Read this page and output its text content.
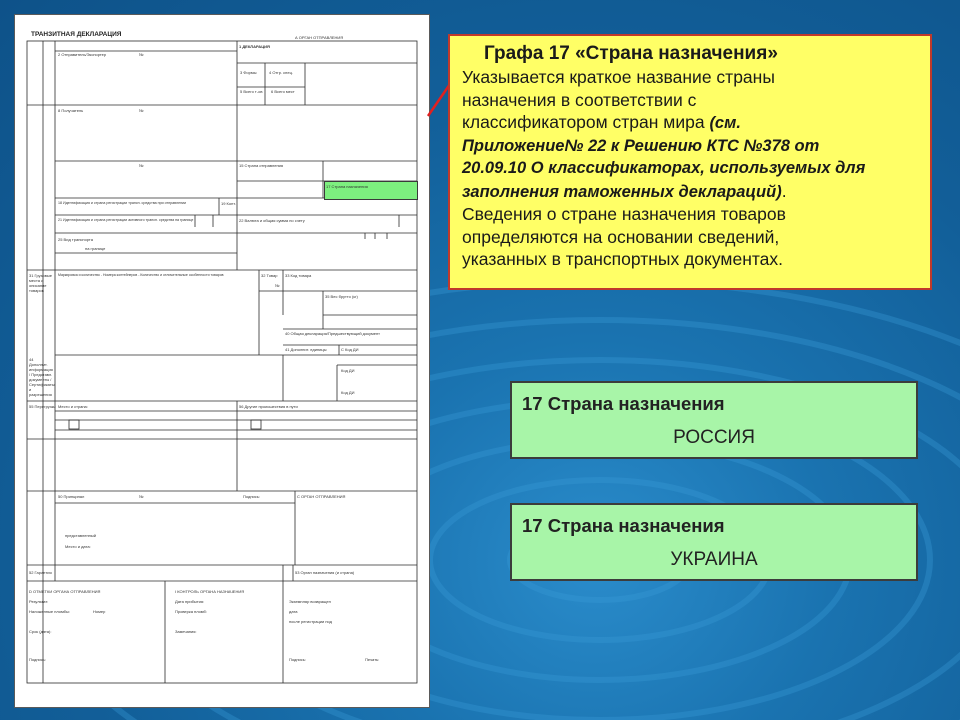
ТРАНЗИТНАЯ ДЕКЛАРАЦИЯ	А ОРГАН ОТПРАВЛЕНИЯ
1 ДЕКЛАРАЦИЯ
2 Отправитель/Экспортер	№
3 Формы	4 Отгр. спец.
5 Всего т-ов 6 Всего мест
8 Получатель	№
№	15 Страна отправления
17 Страна назначения
18 Идентификация и страна регистрации трансп. средства при отправлении	19 Конт.
21 Идентификация и страна регистрации активного трансп. средства на границе	22 Валюта и общая сумма по счету
25 Вид транспорта
на границе
31 Грузовые места и описание товаров
Маркировка и количество - Номера контейнеров - Количество и отличительные особенности товаров	32 Товар
№
33 Код товара
35 Вес брутто (кг)
40 Общая декларация/Предшествующий документ
44 Дополнит. информация / Представл. документы / Сертификаты и разрешения
41 Дополнит. единицы	С Код ДИ
Код ДИ
Код ДИ
55 Перегрузки Место и страна:	56 Другие происшествия в пути
50 Принципал	№	Подпись:
представленный
Место и дата:
С ОРГАН ОТПРАВЛЕНИЯ
52 Гарантия	53 Орган назначения (и страна)
D ОТМЕТКИ ОРГАНА ОТПРАВЛЕНИЯ
Результат:
Наложенные пломбы:	Номер
Срок (дата):
Подпись:
I КОНТРОЛЬ ОРГАНА НАЗНАЧЕНИЯ
Дата прибытия:
Проверка пломб:
Замечания:
Экземпляр возвращен
дата
после регистрации под
Подпись:	Печать:
Графа 17 «Страна назначения»

Указывается краткое название страны

назначения в соответствии с

классификатором стран мира (см.

Приложение№ 22 к Решению КТС №378 от

20.09.10 О классификаторах, используемых для

заполнения таможенных деклараций).

Сведения о стране назначения товаров

определяются на основании сведений,

указанных в транспортных документах.

17 Страна назначения
РОССИЯ
17 Страна назначения
УКРАИНА
